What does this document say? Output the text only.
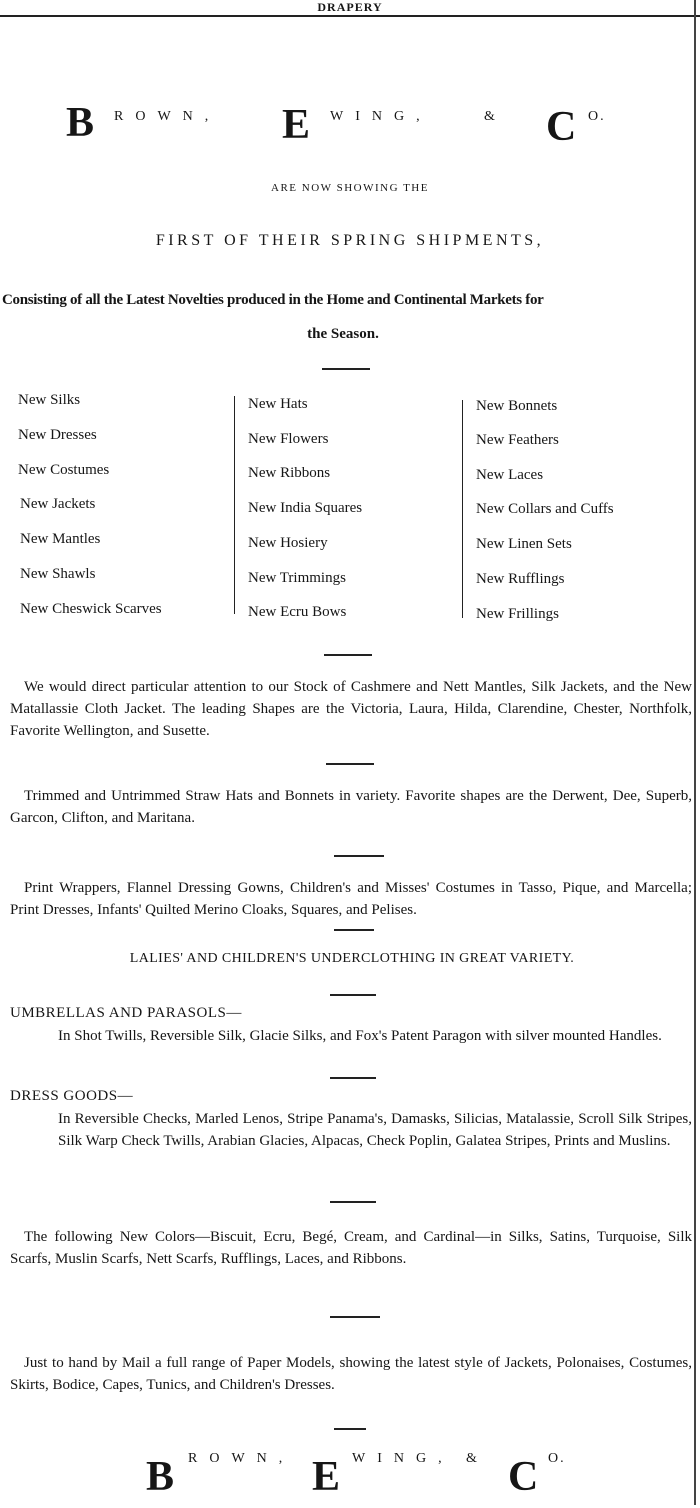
DRAPERY
B ROWN, E WING,	& C O.
ARE NOW SHOWING THE
FIRST OF THEIR SPRING SHIPMENTS,
Consisting of all the Latest Novelties produced in the Home and Continental Markets for
the Season.
New Silks
New Dresses
New Costumes
New Jackets
New Mantles
New Shawls
New Cheswick Scarves
New Hats
New Flowers
New Ribbons
New India Squares
New Hosiery
New Trimmings
New Ecru Bows
New Bonnets
New Feathers
New Laces
New Collars and Cuffs
New Linen Sets
New Rufflings
New Frillings

We would direct particular attention to our Stock of Cashmere and Nett Mantles, Silk Jackets, and the New Matallassie Cloth Jacket. The leading Shapes are the Victoria, Laura, Hilda, Clarendine, Chester, Northfolk, Favorite Wellington, and Susette.

Trimmed and Untrimmed Straw Hats and Bonnets in variety. Favorite shapes are the Derwent, Dee, Superb, Garcon, Clifton, and Maritana.

Print Wrappers, Flannel Dressing Gowns, Children's and Misses' Costumes in Tasso, Pique, and Marcella; Print Dresses, Infants' Quilted Merino Cloaks, Squares, and Pelises.

LALIES' AND CHILDREN'S UNDERCLOTHING IN GREAT VARIETY.
UMBRELLAS AND PARASOLS—
In Shot Twills, Reversible Silk, Glacie Silks, and Fox's Patent Paragon with silver mounted Handles.
DRESS GOODS—
In Reversible Checks, Marled Lenos, Stripe Panama's, Damasks, Silicias, Matalassie, Scroll Silk Stripes, Silk Warp Check Twills, Arabian Glacies, Alpacas, Check Poplin, Galatea Stripes, Prints and Muslins.

The following New Colors—Biscuit, Ecru, Begé, Cream, and Cardinal—in Silks, Satins, Turquoise, Silk Scarfs, Muslin Scarfs, Nett Scarfs, Rufflings, Laces, and Ribbons.

Just to hand by Mail a full range of Paper Models, showing the latest style of Jackets, Polonaises, Costumes, Skirts, Bodice, Capes, Tunics, and Children's Dresses.

B ROWN, E WING, & C O.
